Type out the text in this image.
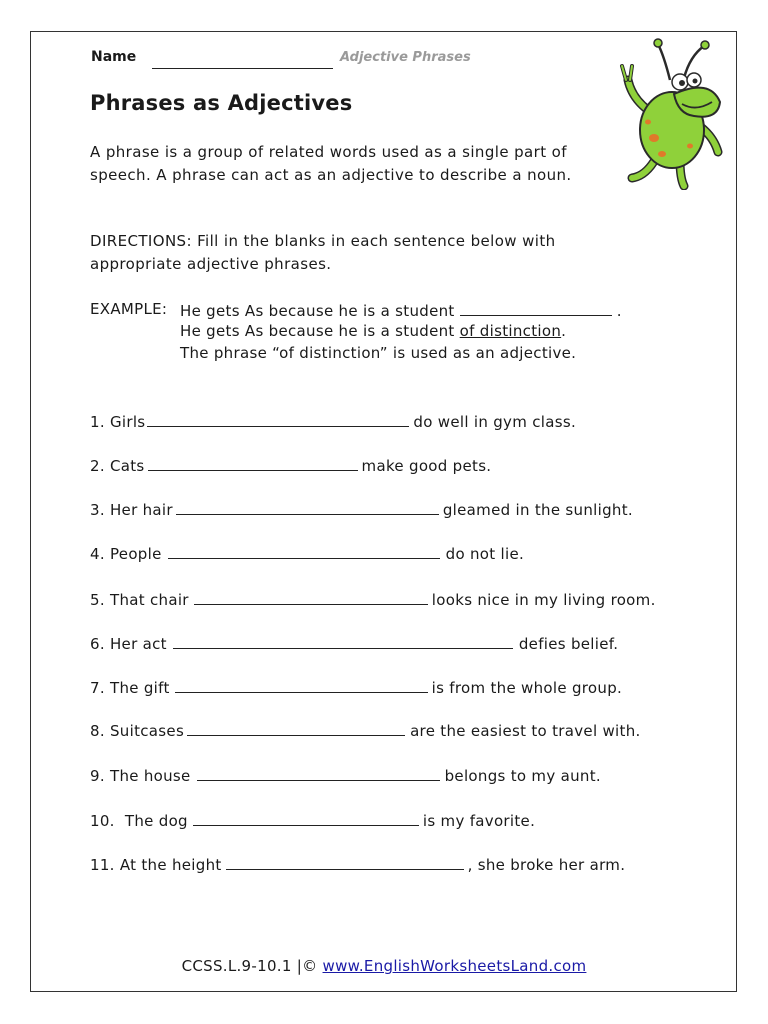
Name	Adjective Phrases
Phrases as Adjectives
A phrase is a group of related words used as a single part of speech. A phrase can act as an adjective to describe a noun.
DIRECTIONS: Fill in the blanks in each sentence below with appropriate adjective phrases.
EXAMPLE: He gets As because he is a student	.
He gets As because he is a student of distinction.
The phrase “of distinction” is used as an adjective.
1. Girls	do well in gym class.
2. Cats	make good pets.
3. Her hair	gleamed in the sunlight.
4. People	do not lie.
5. That chair	looks nice in my living room.
6. Her act	defies belief.
7. The gift	is from the whole group.
8. Suitcases	are the easiest to travel with.
9. The house	belongs to my aunt.
10.  The dog	is my favorite.
11. At the height	, she broke her arm.
CCSS.L.9-10.1 |© www.EnglishWorksheetsLand.com
